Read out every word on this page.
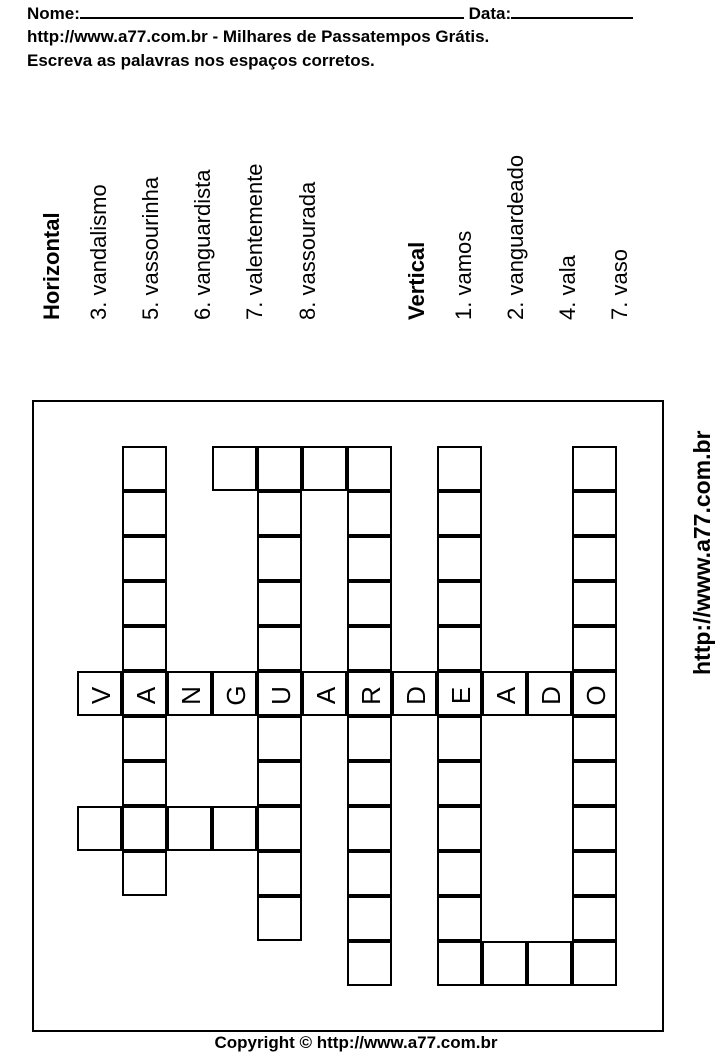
Nome:	Data:
http://www.a77.com.br - Milhares de Passatempos Grátis.
Escreva as palavras nos espaços corretos.
Horizontal 3. vandalismo 5. vassourinha 6. vanguardista 7. valentemente 8. vassourada	Vertical 1. vamos 2. vanguardeado 4. vala 7. vaso
http://www.a77.com.br
A	U	R	E	O
V	N G	A	D	A D
Copyright © http://www.a77.com.br
